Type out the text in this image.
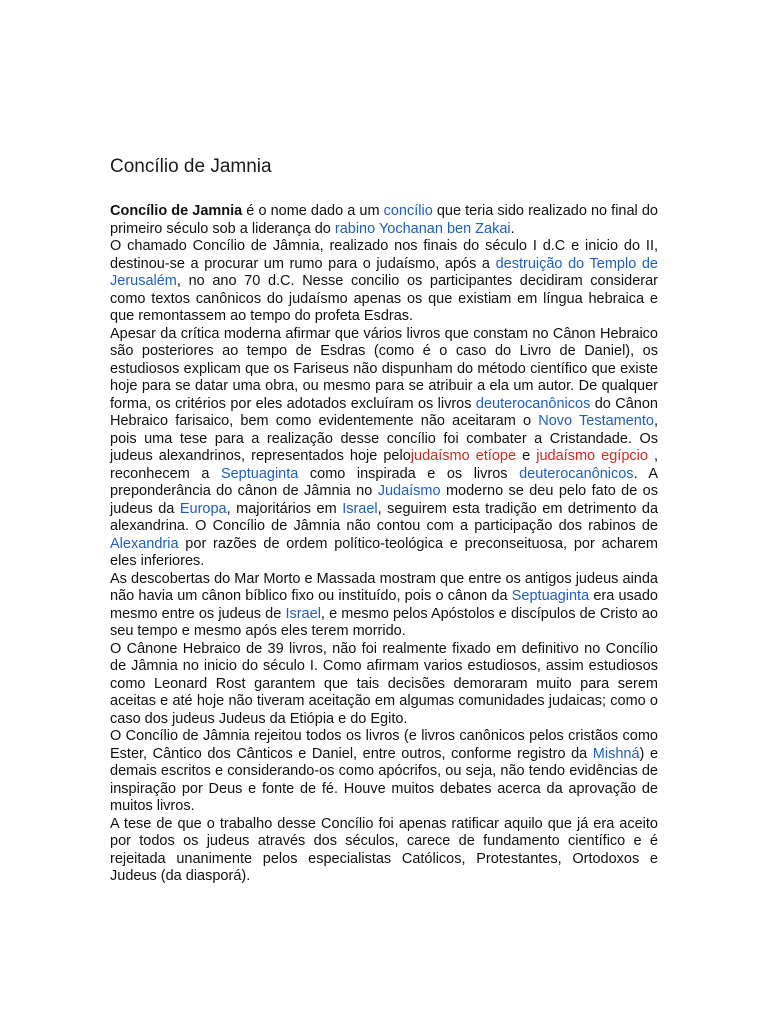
Concílio de Jamnia

Concílio de Jamnia é o nome dado a um concílio que teria sido realizado no final do primeiro século sob a liderança do rabino Yochanan ben Zakai.

O chamado Concílio de Jâmnia, realizado nos finais do século I d.C e inicio do II, destinou-se a procurar um rumo para o judaísmo, após a destruição do Templo de Jerusalém, no ano 70 d.C. Nesse concilio os participantes decidiram considerar como textos canônicos do judaísmo apenas os que existiam em língua hebraica e que remontassem ao tempo do profeta Esdras.

Apesar da crítica moderna afirmar que vários livros que constam no Cânon Hebraico são posteriores ao tempo de Esdras (como é o caso do Livro de Daniel), os estudiosos explicam que os Fariseus não dispunham do método científico que existe hoje para se datar uma obra, ou mesmo para se atribuir a ela um autor. De qualquer forma, os critérios por eles adotados excluíram os livros deuterocanônicos do Cânon Hebraico farisaico, bem como evidentemente não aceitaram o Novo Testamento, pois uma tese para a realização desse concílio foi combater a Cristandade. Os judeus alexandrinos, representados hoje pelojudaísmo etíope e judaísmo egípcio , reconhecem a Septuaginta como inspirada e os livros deuterocanônicos. A preponderância do cânon de Jâmnia no Judaísmo moderno se deu pelo fato de os judeus da Europa, majoritários em Israel, seguirem esta tradição em detrimento da alexandrina. O Concílio de Jâmnia não contou com a participação dos rabinos de Alexandria por razões de ordem político-teológica e preconseituosa, por acharem eles inferiores.

As descobertas do Mar Morto e Massada mostram que entre os antigos judeus ainda não havia um cânon bíblico fixo ou instituído, pois o cânon da Septuaginta era usado mesmo entre os judeus de Israel, e mesmo pelos Apóstolos e discípulos de Cristo ao seu tempo e mesmo após eles terem morrido.

O Cânone Hebraico de 39 livros, não foi realmente fixado em definitivo no Concílio de Jâmnia no inicio do século I. Como afirmam varios estudiosos, assim estudiosos como Leonard Rost garantem que tais decisões demoraram muito para serem aceitas e até hoje não tiveram aceitação em algumas comunidades judaicas; como o caso dos judeus Judeus da Etiópia e do Egito.

O Concílio de Jâmnia rejeitou todos os livros (e livros canônicos pelos cristãos como Ester, Cântico dos Cânticos e Daniel, entre outros, conforme registro da Mishná) e demais escritos e considerando-os como apócrifos, ou seja, não tendo evidências de inspiração por Deus e fonte de fé. Houve muitos debates acerca da aprovação de muitos livros.

A tese de que o trabalho desse Concílio foi apenas ratificar aquilo que já era aceito por todos os judeus através dos séculos, carece de fundamento científico e é rejeitada unanimente pelos especialistas Católicos, Protestantes, Ortodoxos e Judeus (da diasporá).
